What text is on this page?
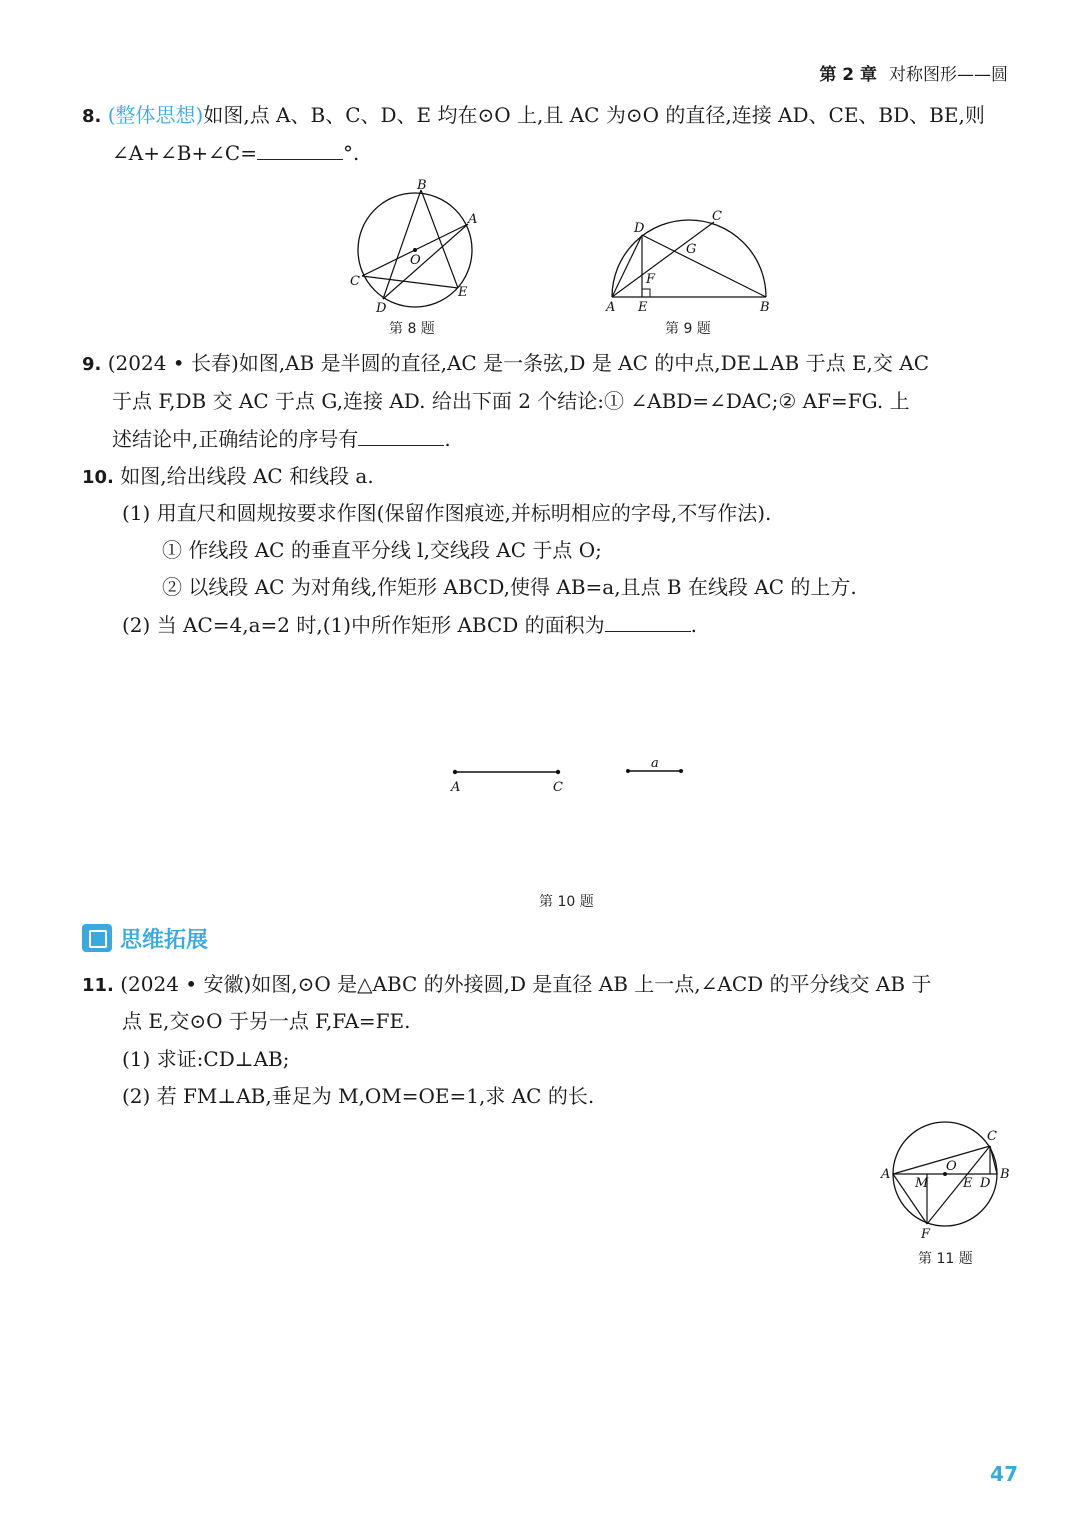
第 2 章 对称图形——圆
8. (整体思想)如图,点 A、B、C、D、E 均在⊙O 上,且 AC 为⊙O 的直径,连接 AD、CE、BD、BE,则
∠A+∠B+∠C=	°.
B
A
O
C
D
E
第 8 题
D
C
G
F
A E	B
第 9 题
9. (2024 • 长春)如图,AB 是半圆的直径,AC 是一条弦,D 是 AC 的中点,DE⊥AB 于点 E,交 AC
于点 F,DB 交 AC 于点 G,连接 AD. 给出下面 2 个结论:① ∠ABD=∠DAC;② AF=FG. 上
述结论中,正确结论的序号有	.
10. 如图,给出线段 AC 和线段 a.
(1) 用直尺和圆规按要求作图(保留作图痕迹,并标明相应的字母,不写作法).
① 作线段 AC 的垂直平分线 l,交线段 AC 于点 O;
② 以线段 AC 为对角线,作矩形 ABCD,使得 AB=a,且点 B 在线段 AC 的上方.
(2) 当 AC=4,a=2 时,(1)中所作矩形 ABCD 的面积为	.
A	C
a
第 10 题
思维拓展
11. (2024 • 安徽)如图,⊙O 是△ABC 的外接圆,D 是直径 AB 上一点,∠ACD 的平分线交 AB 于
点 E,交⊙O 于另一点 F,FA=FE.
(1) 求证:CD⊥AB;
(2) 若 FM⊥AB,垂足为 M,OM=OE=1,求 AC 的长.
C
A
O
B
M	E D
F
第 11 题
47
